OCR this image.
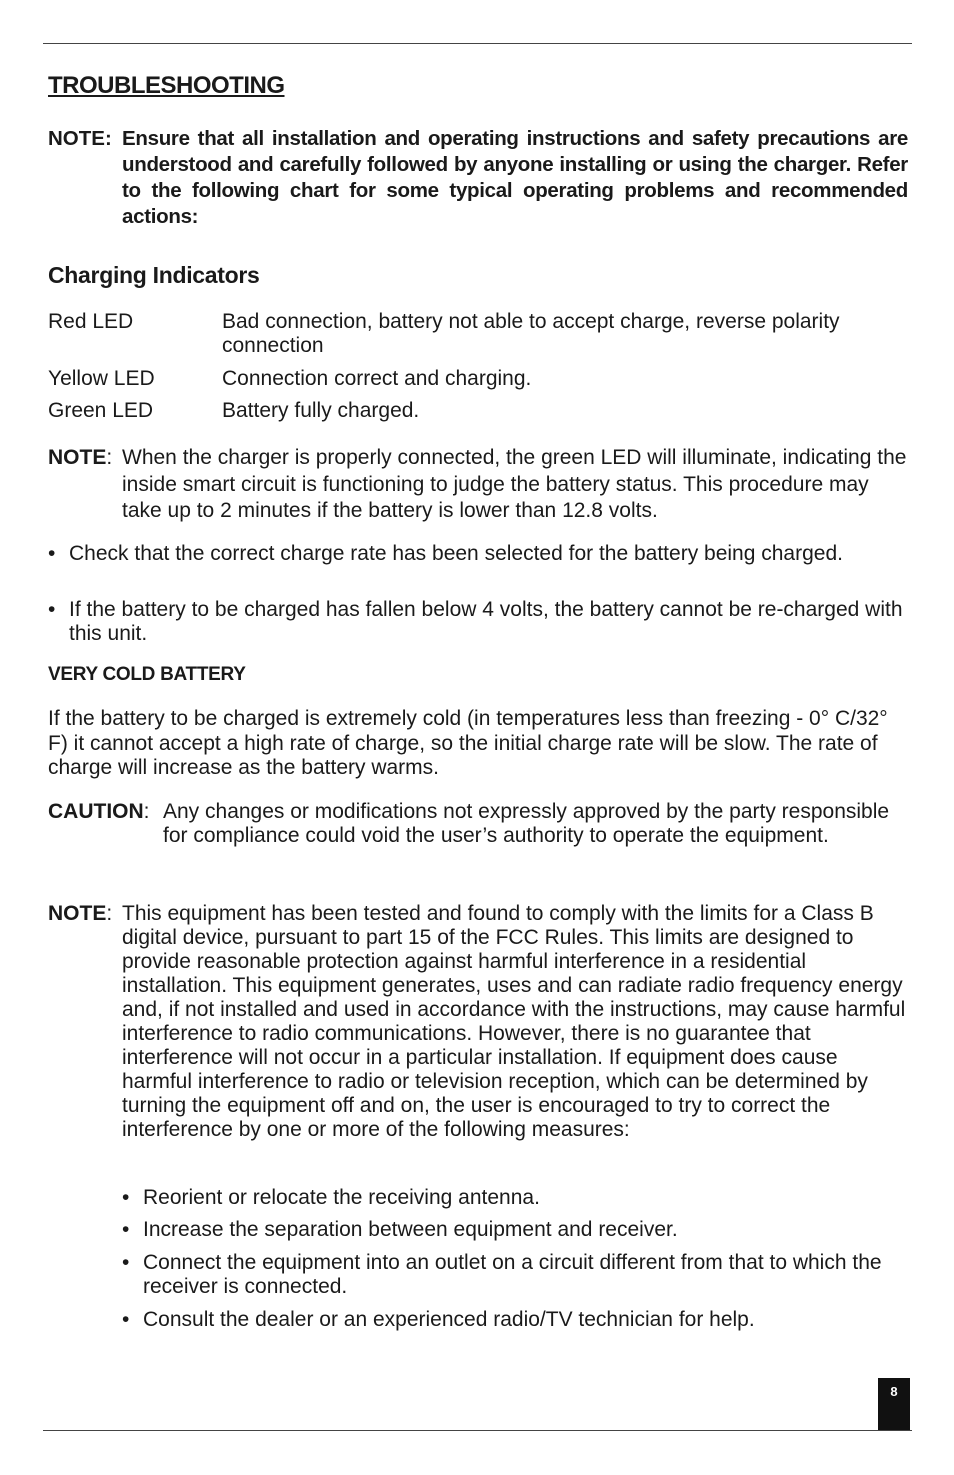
TROUBLESHOOTING
NOTE: Ensure that all installation and operating instructions and safety precautions are understood and carefully followed by anyone installing or using the charger. Refer to the following chart for some typical operating problems and recommended actions:
Charging Indicators
Red LED	Bad connection, battery not able to accept charge, reverse polarity connection
Yellow LED	Connection correct and charging.
Green LED	Battery fully charged.
NOTE: When the charger is properly connected, the green LED will illuminate, indicating the inside smart circuit is functioning to judge the battery status. This procedure may take up to 2 minutes if the battery is lower than 12.8 volts.
• Check that the correct charge rate has been selected for the battery being charged.
• If the battery to be charged has fallen below 4 volts, the battery cannot be re-charged with this unit.
VERY COLD BATTERY
If the battery to be charged is extremely cold (in temperatures less than freezing - 0° C/32° F) it cannot accept a high rate of charge, so the initial charge rate will be slow. The rate of charge will increase as the battery warms.
CAUTION: Any changes or modifications not expressly approved by the party responsible for compliance could void the user’s authority to operate the equipment.
NOTE: This equipment has been tested and found to comply with the limits for a Class B digital device, pursuant to part 15 of the FCC Rules. This limits are designed to provide reasonable protection against harmful interference in a residential installation. This equipment generates, uses and can radiate radio frequency energy and, if not installed and used in accordance with the instructions, may cause harmful interference to radio communications. However, there is no guarantee that interference will not occur in a particular installation. If equipment does cause harmful interference to radio or television reception, which can be determined by turning the equipment off and on, the user is encouraged to try to correct the interference by one or more of the following measures:
• Reorient or relocate the receiving antenna.
• Increase the separation between equipment and receiver.
• Connect the equipment into an outlet on a circuit different from that to which the receiver is connected.
• Consult the dealer or an experienced radio/TV technician for help.
8
